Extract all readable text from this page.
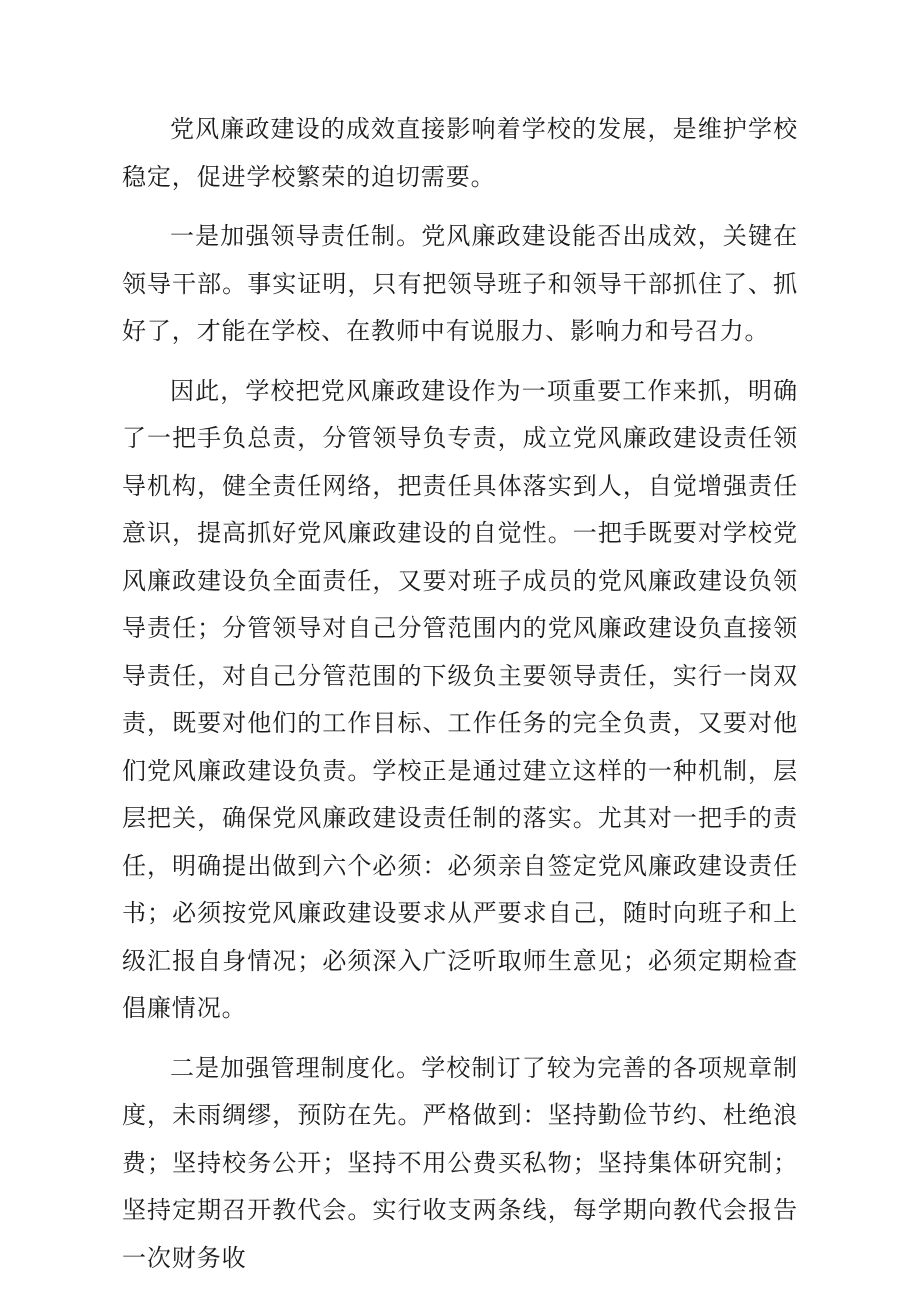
党风廉政建设的成效直接影响着学校的发展，是维护学校稳定，促进学校繁荣的迫切需要。

一是加强领导责任制。党风廉政建设能否出成效，关键在领导干部。事实证明，只有把领导班子和领导干部抓住了、抓好了，才能在学校、在教师中有说服力、影响力和号召力。

因此，学校把党风廉政建设作为一项重要工作来抓，明确了一把手负总责，分管领导负专责，成立党风廉政建设责任领导机构，健全责任网络，把责任具体落实到人，自觉增强责任意识，提高抓好党风廉政建设的自觉性。一把手既要对学校党风廉政建设负全面责任，又要对班子成员的党风廉政建设负领导责任；分管领导对自己分管范围内的党风廉政建设负直接领导责任，对自己分管范围的下级负主要领导责任，实行一岗双责，既要对他们的工作目标、工作任务的完全负责，又要对他们党风廉政建设负责。学校正是通过建立这样的一种机制，层层把关，确保党风廉政建设责任制的落实。尤其对一把手的责任，明确提出做到六个必须：必须亲自签定党风廉政建设责任书；必须按党风廉政建设要求从严要求自己，随时向班子和上级汇报自身情况；必须深入广泛听取师生意见；必须定期检查倡廉情况。

二是加强管理制度化。学校制订了较为完善的各项规章制度，未雨绸缪，预防在先。严格做到：坚持勤俭节约、杜绝浪费；坚持校务公开；坚持不用公费买私物；坚持集体研究制；坚持定期召开教代会。实行收支两条线，每学期向教代会报告一次财务收
